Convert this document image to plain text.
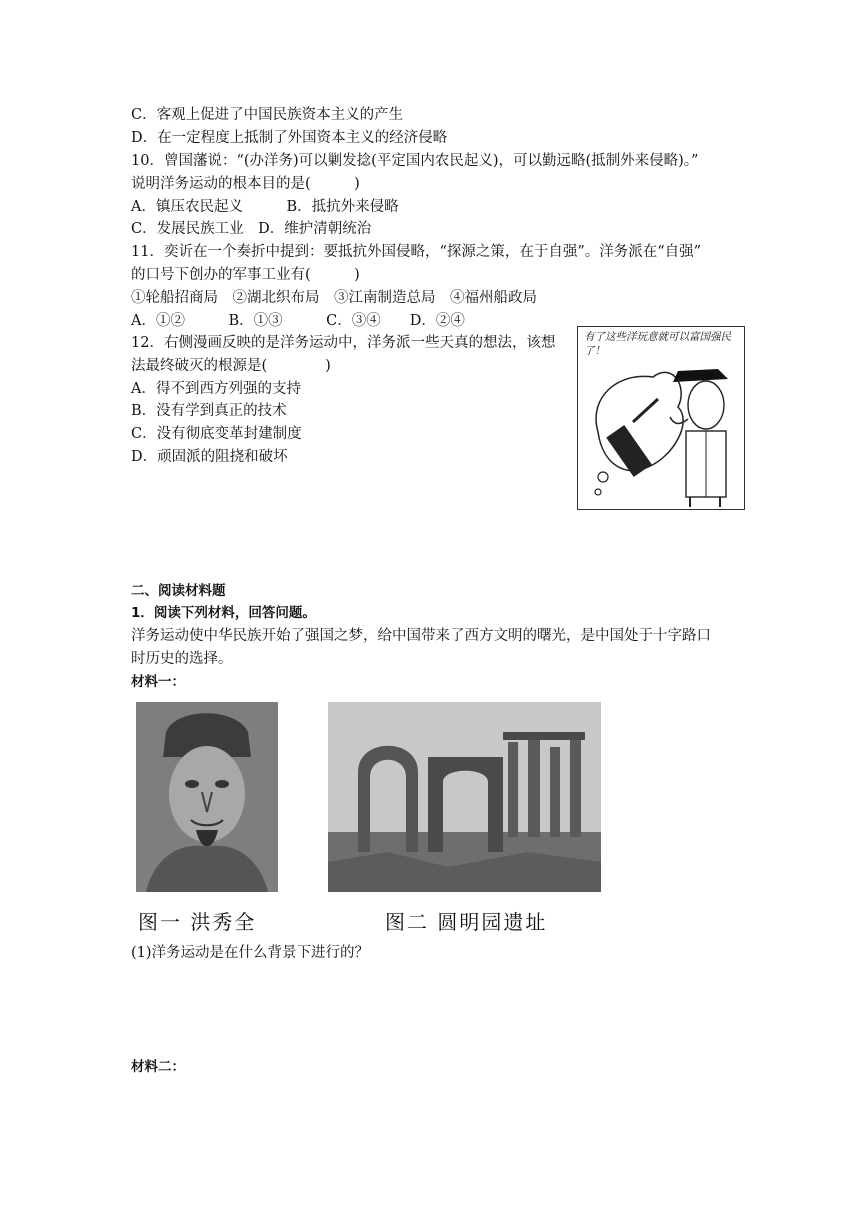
C．客观上促进了中国民族资本主义的产生
D．在一定程度上抵制了外国资本主义的经济侵略
10．曾国藩说：“(办洋务)可以剿发捻(平定国内农民起义)，可以勤远略(抵制外来侵略)。”
说明洋务运动的根本目的是(　　　)
A．镇压农民起义　　　B．抵抗外来侵略
C．发展民族工业　D．维护清朝统治
11．奕䜣在一个奏折中提到：要抵抗外国侵略，“探源之策，在于自强”。洋务派在“自强”
的口号下创办的军事工业有(　　　)
①轮船招商局　②湖北织布局　③江南制造总局　④福州船政局
A．①②　　　B．①③　　　C．③④　　D．②④
12．右侧漫画反映的是洋务运动中，洋务派一些天真的想法，该想
法最终破灭的根源是(　　　　)
A．得不到西方列强的支持
B．没有学到真正的技术
C．没有彻底变革封建制度
D．顽固派的阻挠和破坏
有了这些洋玩意就可以富国强民了！
二、阅读材料题
1．阅读下列材料，回答问题。
洋务运动使中华民族开始了强国之梦，给中国带来了西方文明的曙光，是中国处于十字路口
时历史的选择。
材料一：
图一 洪秀全	图二 圆明园遗址
(1)洋务运动是在什么背景下进行的？
材料二：
